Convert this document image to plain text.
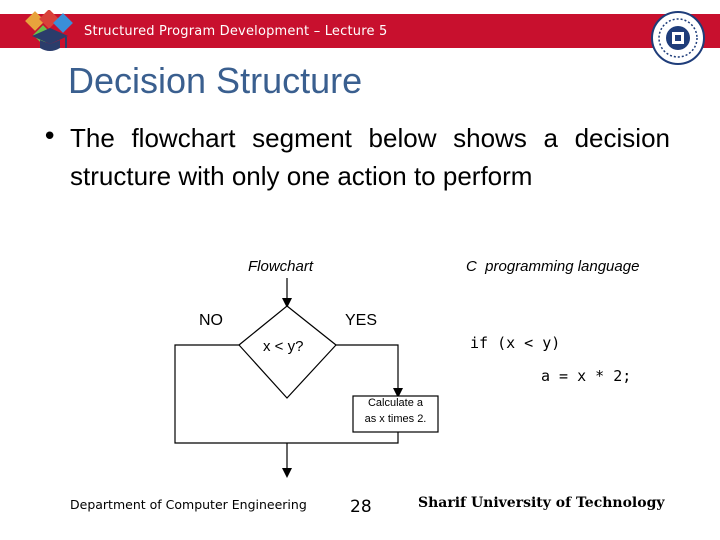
Structured Program Development – Lecture 5
Decision Structure
• The flowchart segment below shows a decision structure with only one action to perform
Flowchart	C  programming language
NO	YES
x < y?
Calculate a
as x times 2.
if (x < y)
a = x * 2;
Department of Computer Engineering	28	Sharif University of Technology
